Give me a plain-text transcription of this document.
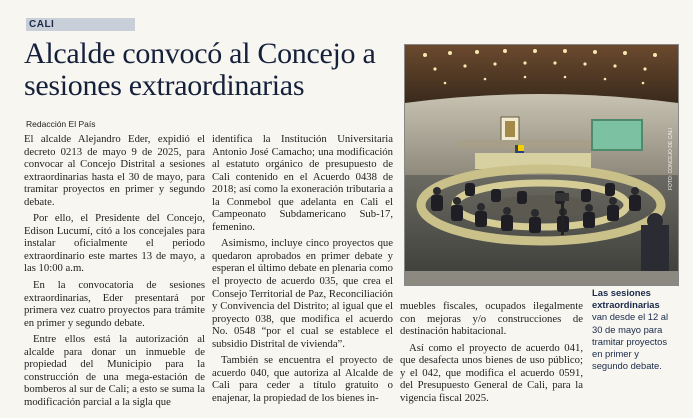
CALI
Alcalde convocó al Concejo a sesiones extraordinarias
Redacción El País

El alcalde Alejandro Eder, expidió el decreto 0213 de mayo 9 de 2025, para convocar al Concejo Distrital a sesiones extraordinarias hasta el 30 de mayo, para tramitar proyectos en primer y segundo debate.

Por ello, el Presidente del Concejo, Edison Lucumí, citó a los concejales para instalar oficialmente el periodo extraordinario este martes 13 de mayo, a las 10:00 a.m.

En la convocatoria de sesiones extraordinarias, Eder presentará por primera vez cuatro proyectos para trámite en primer y segundo debate.

Entre ellos está la autorización al alcalde para donar un inmueble de propiedad del Municipio para la construcción de una mega-estación de bomberos al sur de Cali; a esto se suma la modificación parcial a la sigla que

identifica la Institución Universitaria Antonio José Camacho; una modificación al estatuto orgánico de presupuesto de Cali contenido en el Acuerdo 0438 de 2018; así como la exoneración tributaria a la Conmebol que adelanta en Cali el Campeonato Subdamericano Sub-17, femenino.

Asimismo, incluye cinco proyectos que quedaron aprobados en primer debate y esperan el último debate en plenaria como el proyecto de acuerdo 035, que crea el Consejo Territorial de Paz, Reconciliación y Convivencia del Distrito; al igual que el proyecto 038, que modifica el acuerdo No. 0548 “por el cual se establece el subsidio Distrital de vivienda”.

También se encuentra el proyecto de acuerdo 040, que autoriza al Alcalde de Cali para ceder a título gratuito o enajenar, la propiedad de los bienes in-

muebles fiscales, ocupados ilegalmente con mejoras y/o construcciones de destinación habitacional.

Así como el proyecto de acuerdo 041, que desafecta unos bienes de uso público; y el 042, que modifica el acuerdo 0591, del Presupuesto General de Cali, para la vigencia fiscal 2025.

FOTO: CONCEJO DE CALI
Las sesiones extraordinarias van desde el 12 al 30 de mayo para tramitar proyectos en primer y segundo debate.
